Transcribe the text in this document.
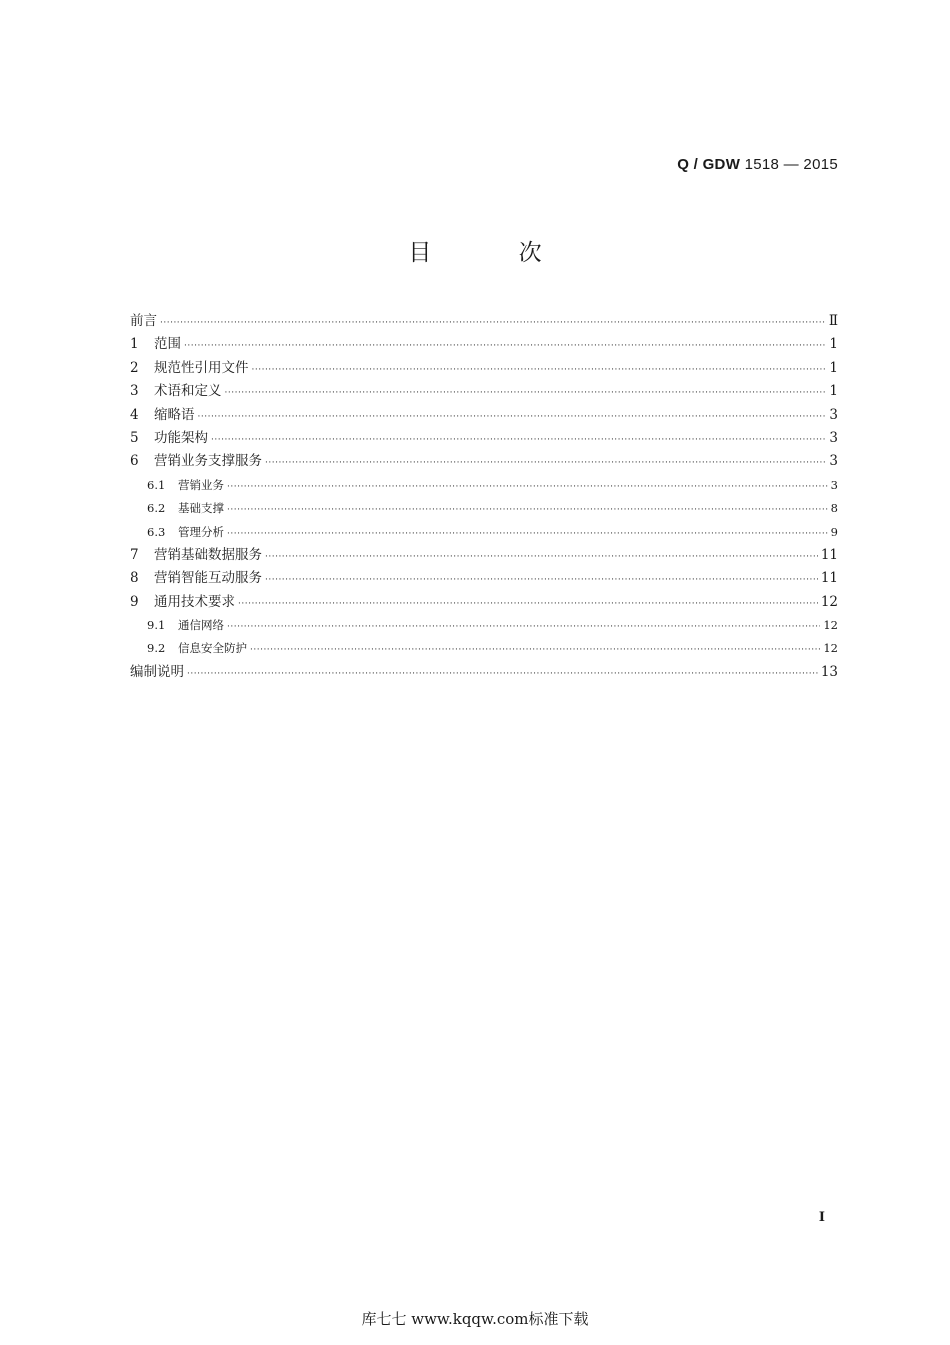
Q / GDW 1518 — 2015
目 次
前言 ·····	Ⅱ
1	范围 ·····	1
2	规范性引用文件 ·····	1
3	术语和定义 ·····	1
4	缩略语 ·····	3
5	功能架构 ·····	3
6	营销业务支撑服务 ·····	3
6.1	营销业务 ·····	3
6.2	基础支撑 ·····	8
6.3	管理分析 ·····	9
7	营销基础数据服务 ·····	11
8	营销智能互动服务 ·····	11
9	通用技术要求 ·····	12
9.1	通信网络 ·····	12
9.2	信息安全防护 ·····	12
编制说明 ·····	13
I
库七七 www.kqqw.com标准下载
